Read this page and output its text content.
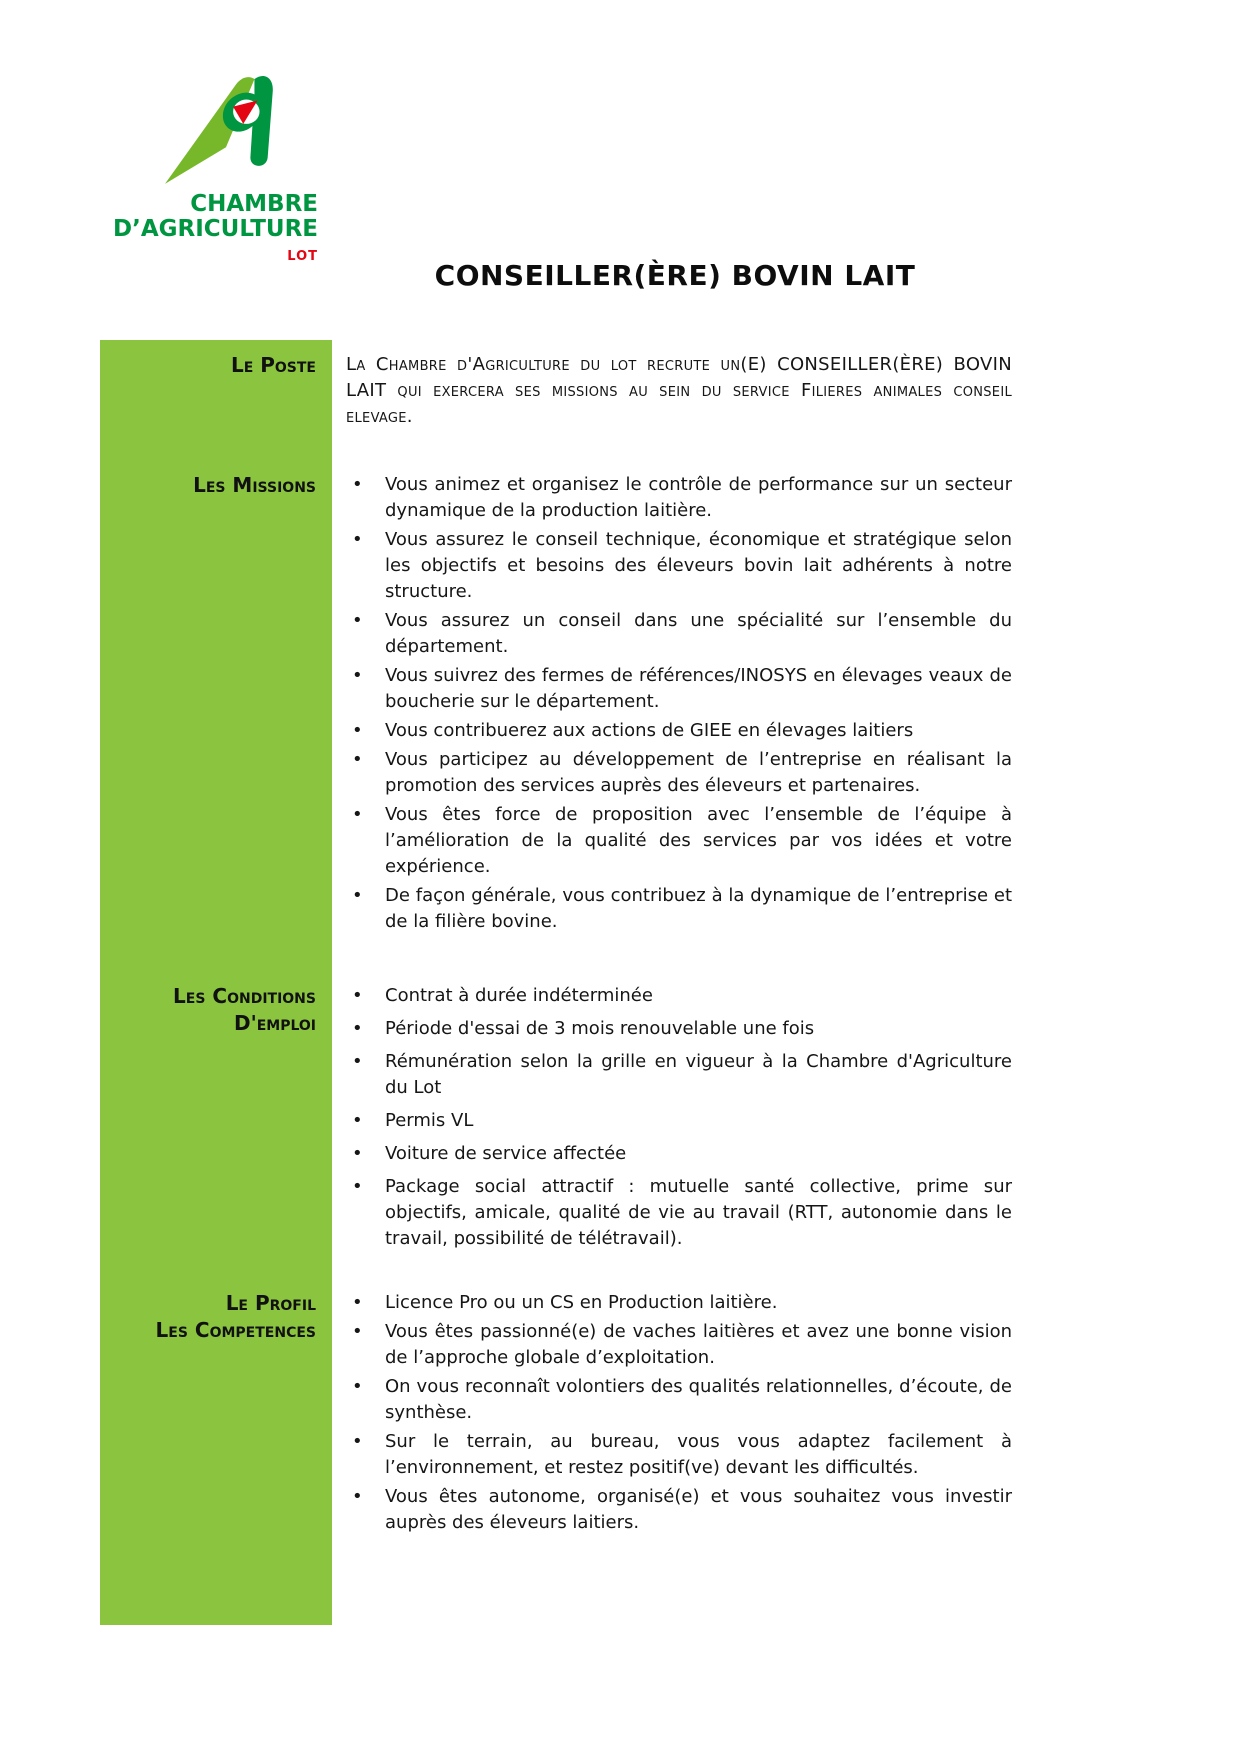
CHAMBRE
D’AGRICULTURE
LOT
CONSEILLER(ÈRE) BOVIN LAIT
Le Poste La Chambre d'Agriculture du lot recrute un(E) CONSEILLER(ÈRE) BOVIN LAIT qui exercera ses missions au sein du service Filieres animales conseil elevage.

Les Missions • Vous animez et organisez le contrôle de performance sur un secteur dynamique de la production laitière.
• Vous assurez le conseil technique, économique et stratégique selon les objectifs et besoins des éleveurs bovin lait adhérents à notre structure.
• Vous assurez un conseil dans une spécialité sur l’ensemble du département.
• Vous suivrez des fermes de références/INOSYS en élevages veaux de boucherie sur le département.
• Vous contribuerez aux actions de GIEE en élevages laitiers
• Vous participez au développement de l’entreprise en réalisant la promotion des services auprès des éleveurs et partenaires.
• Vous êtes force de proposition avec l’ensemble de l’équipe à l’amélioration de la qualité des services par vos idées et votre expérience.
• De façon générale, vous contribuez à la dynamique de l’entreprise et de la filière bovine.
Les Conditions
D'emploi
• Contrat à durée indéterminée
• Période d'essai de 3 mois renouvelable une fois
• Rémunération selon la grille en vigueur à la Chambre d'Agriculture du Lot
• Permis VL
• Voiture de service affectée
• Package social attractif : mutuelle santé collective, prime sur objectifs, amicale, qualité de vie au travail (RTT, autonomie dans le travail, possibilité de télétravail).
Le Profil
Les Competences
• Licence Pro ou un CS en Production laitière.
• Vous êtes passionné(e) de vaches laitières et avez une bonne vision de l’approche globale d’exploitation.
• On vous reconnaît volontiers des qualités relationnelles, d’écoute, de synthèse.
• Sur le terrain, au bureau, vous vous adaptez facilement à l’environnement, et restez positif(ve) devant les difficultés.
• Vous êtes autonome, organisé(e) et vous souhaitez vous investir auprès des éleveurs laitiers.
